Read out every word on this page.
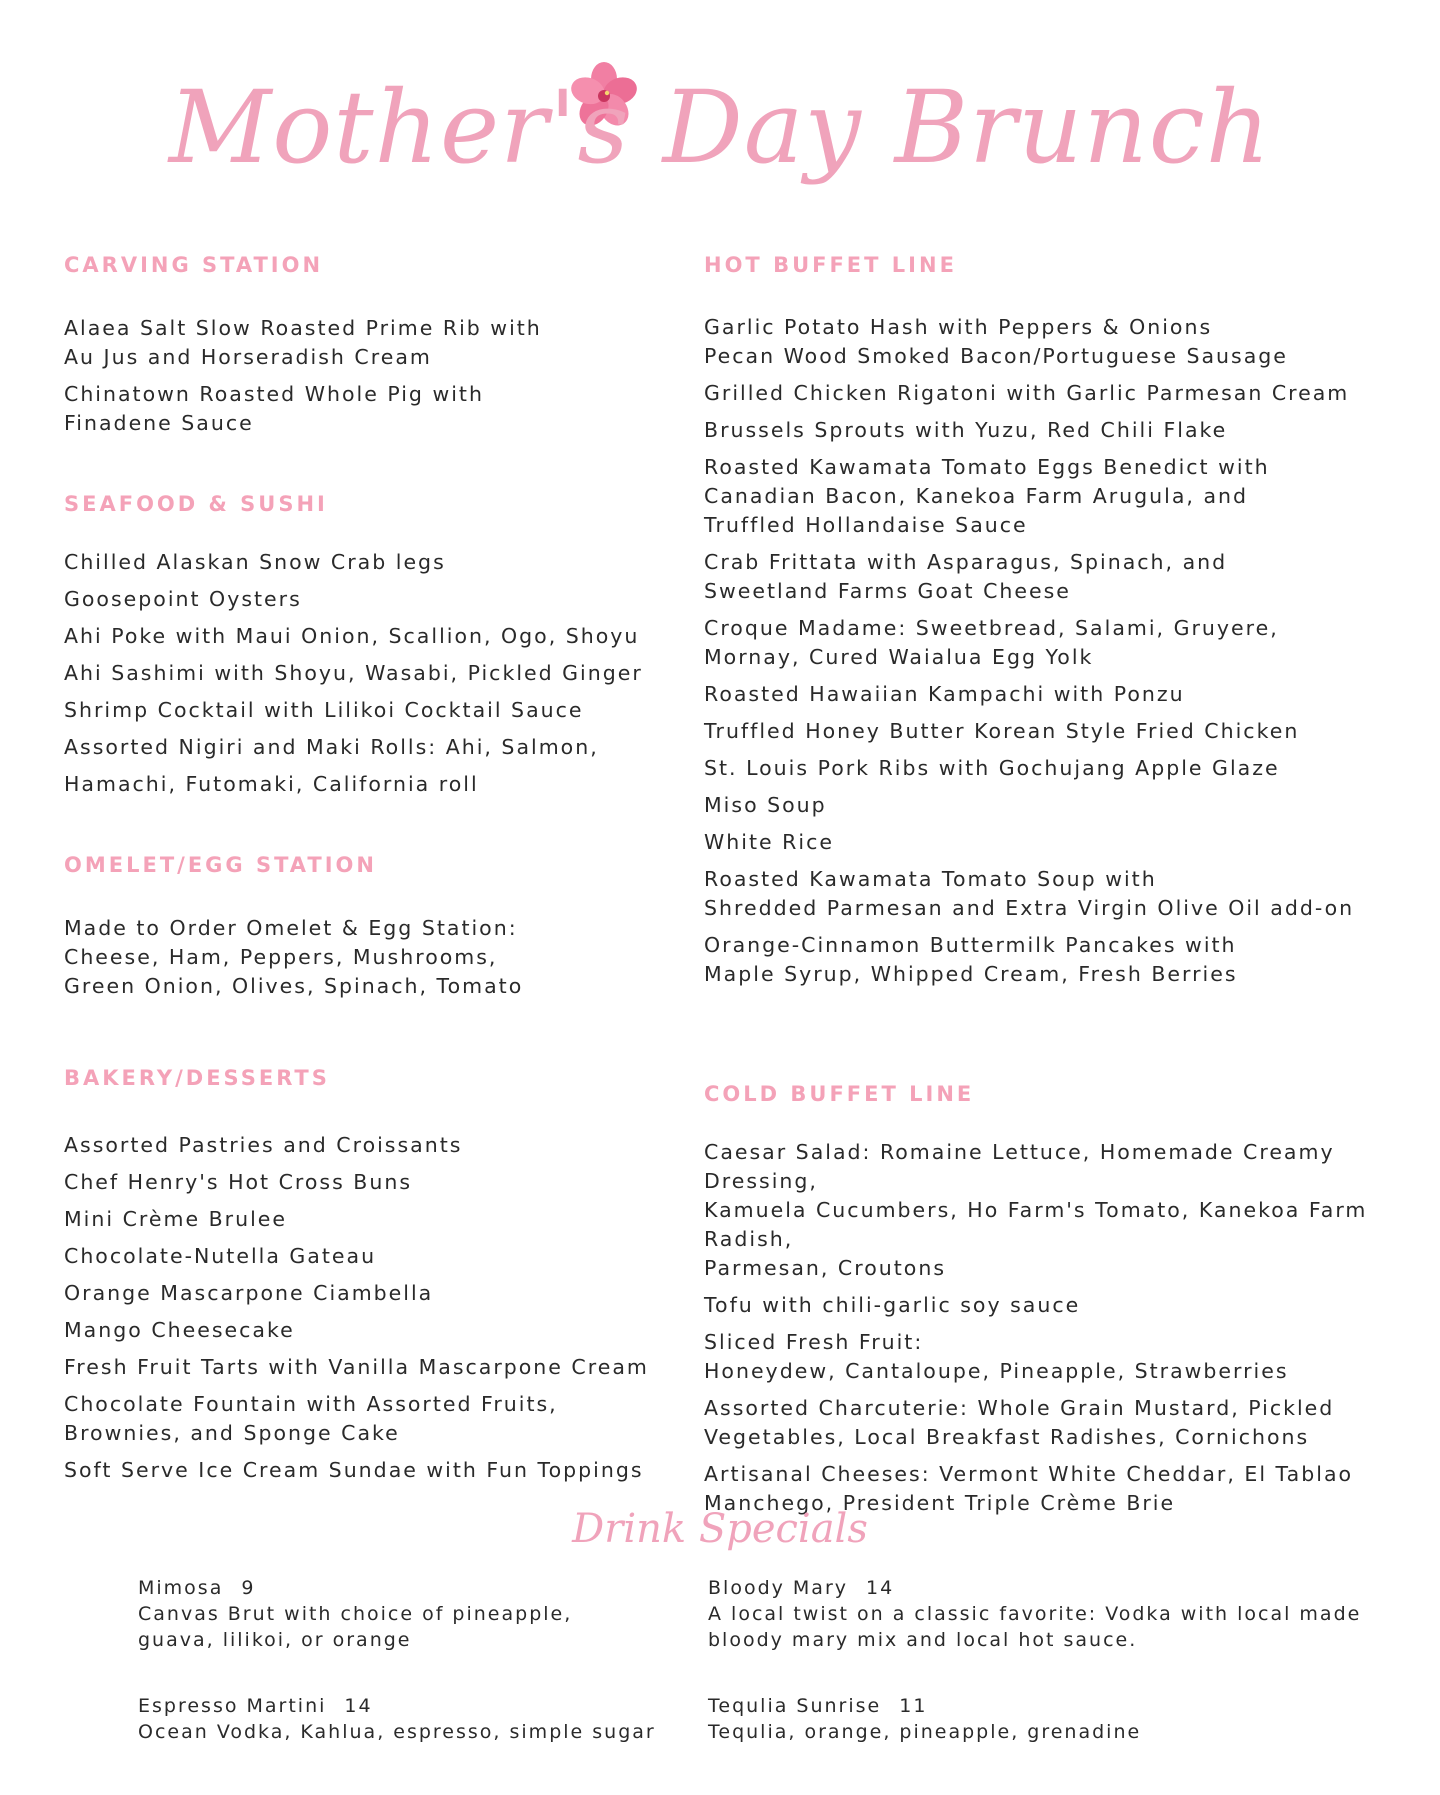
Mother's Day Brunch
CARVING STATION
Alaea Salt Slow Roasted Prime Rib with
Au Jus and Horseradish Cream
Chinatown Roasted Whole Pig with
Finadene Sauce
SEAFOOD & SUSHI
Chilled Alaskan Snow Crab legs
Goosepoint Oysters
Ahi Poke with Maui Onion, Scallion, Ogo, Shoyu
Ahi Sashimi with Shoyu, Wasabi, Pickled Ginger
Shrimp Cocktail with Lilikoi Cocktail Sauce
Assorted Nigiri and Maki Rolls: Ahi, Salmon,
Hamachi, Futomaki, California roll
OMELET/EGG STATION
Made to Order Omelet & Egg Station:
Cheese, Ham, Peppers, Mushrooms,
Green Onion, Olives, Spinach, Tomato
BAKERY/DESSERTS
Assorted Pastries and Croissants
Chef Henry's Hot Cross Buns
Mini Crème Brulee
Chocolate-Nutella Gateau
Orange Mascarpone Ciambella
Mango Cheesecake
Fresh Fruit Tarts with Vanilla Mascarpone Cream
Chocolate Fountain with Assorted Fruits,
Brownies, and Sponge Cake
Soft Serve Ice Cream Sundae with Fun Toppings
HOT BUFFET LINE
Garlic Potato Hash with Peppers & Onions
Pecan Wood Smoked Bacon/Portuguese Sausage
Grilled Chicken Rigatoni with Garlic Parmesan Cream
Brussels Sprouts with Yuzu, Red Chili Flake
Roasted Kawamata Tomato Eggs Benedict with
Canadian Bacon, Kanekoa Farm Arugula, and
Truffled Hollandaise Sauce
Crab Frittata with Asparagus, Spinach, and
Sweetland Farms Goat Cheese
Croque Madame: Sweetbread, Salami, Gruyere,
Mornay, Cured Waialua Egg Yolk
Roasted Hawaiian Kampachi with Ponzu
Truffled Honey Butter Korean Style Fried Chicken
St. Louis Pork Ribs with Gochujang Apple Glaze
Miso Soup
White Rice
Roasted Kawamata Tomato Soup with
Shredded Parmesan and Extra Virgin Olive Oil add-on
Orange-Cinnamon Buttermilk Pancakes with
Maple Syrup, Whipped Cream, Fresh Berries
COLD BUFFET LINE
Caesar Salad: Romaine Lettuce, Homemade Creamy Dressing,
Kamuela Cucumbers, Ho Farm's Tomato, Kanekoa Farm Radish,
Parmesan, Croutons
Tofu with chili-garlic soy sauce
Sliced Fresh Fruit:
Honeydew, Cantaloupe, Pineapple, Strawberries
Assorted Charcuterie: Whole Grain Mustard, Pickled
Vegetables, Local Breakfast Radishes, Cornichons
Artisanal Cheeses: Vermont White Cheddar, El Tablao
Manchego, President Triple Crème Brie
Drink Specials
Mimosa 9
Canvas Brut with choice of pineapple,
guava, lilikoi, or orange
Bloody Mary 14
A local twist on a classic favorite: Vodka with local made
bloody mary mix and local hot sauce.
Espresso Martini 14
Ocean Vodka, Kahlua, espresso, simple sugar
Tequlia Sunrise 11
Tequlia, orange, pineapple, grenadine
